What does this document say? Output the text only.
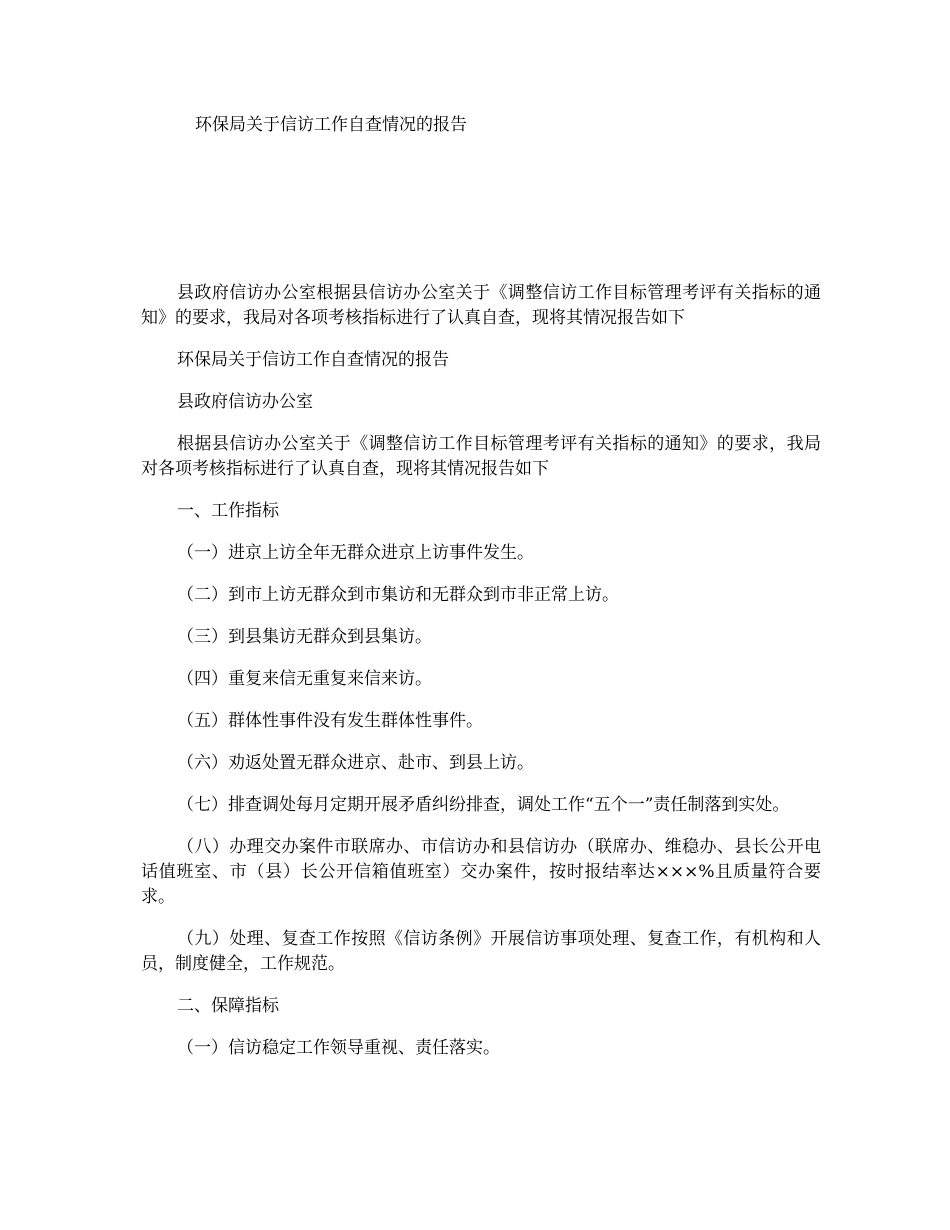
环保局关于信访工作自查情况的报告

县政府信访办公室根据县信访办公室关于《调整信访工作目标管理考评有关指标的通知》的要求，我局对各项考核指标进行了认真自查，现将其情况报告如下

环保局关于信访工作自查情况的报告

县政府信访办公室

根据县信访办公室关于《调整信访工作目标管理考评有关指标的通知》的要求，我局对各项考核指标进行了认真自查，现将其情况报告如下

一、工作指标

（一）进京上访全年无群众进京上访事件发生。

（二）到市上访无群众到市集访和无群众到市非正常上访。

（三）到县集访无群众到县集访。

（四）重复来信无重复来信来访。

（五）群体性事件没有发生群体性事件。

（六）劝返处置无群众进京、赴市、到县上访。

（七）排查调处每月定期开展矛盾纠纷排查，调处工作“五个一”责任制落到实处。

（八）办理交办案件市联席办、市信访办和县信访办（联席办、维稳办、县长公开电话值班室、市（县）长公开信箱值班室）交办案件，按时报结率达×××%且质量符合要求。

（九）处理、复查工作按照《信访条例》开展信访事项处理、复查工作，有机构和人员，制度健全，工作规范。

二、保障指标

（一）信访稳定工作领导重视、责任落实。
